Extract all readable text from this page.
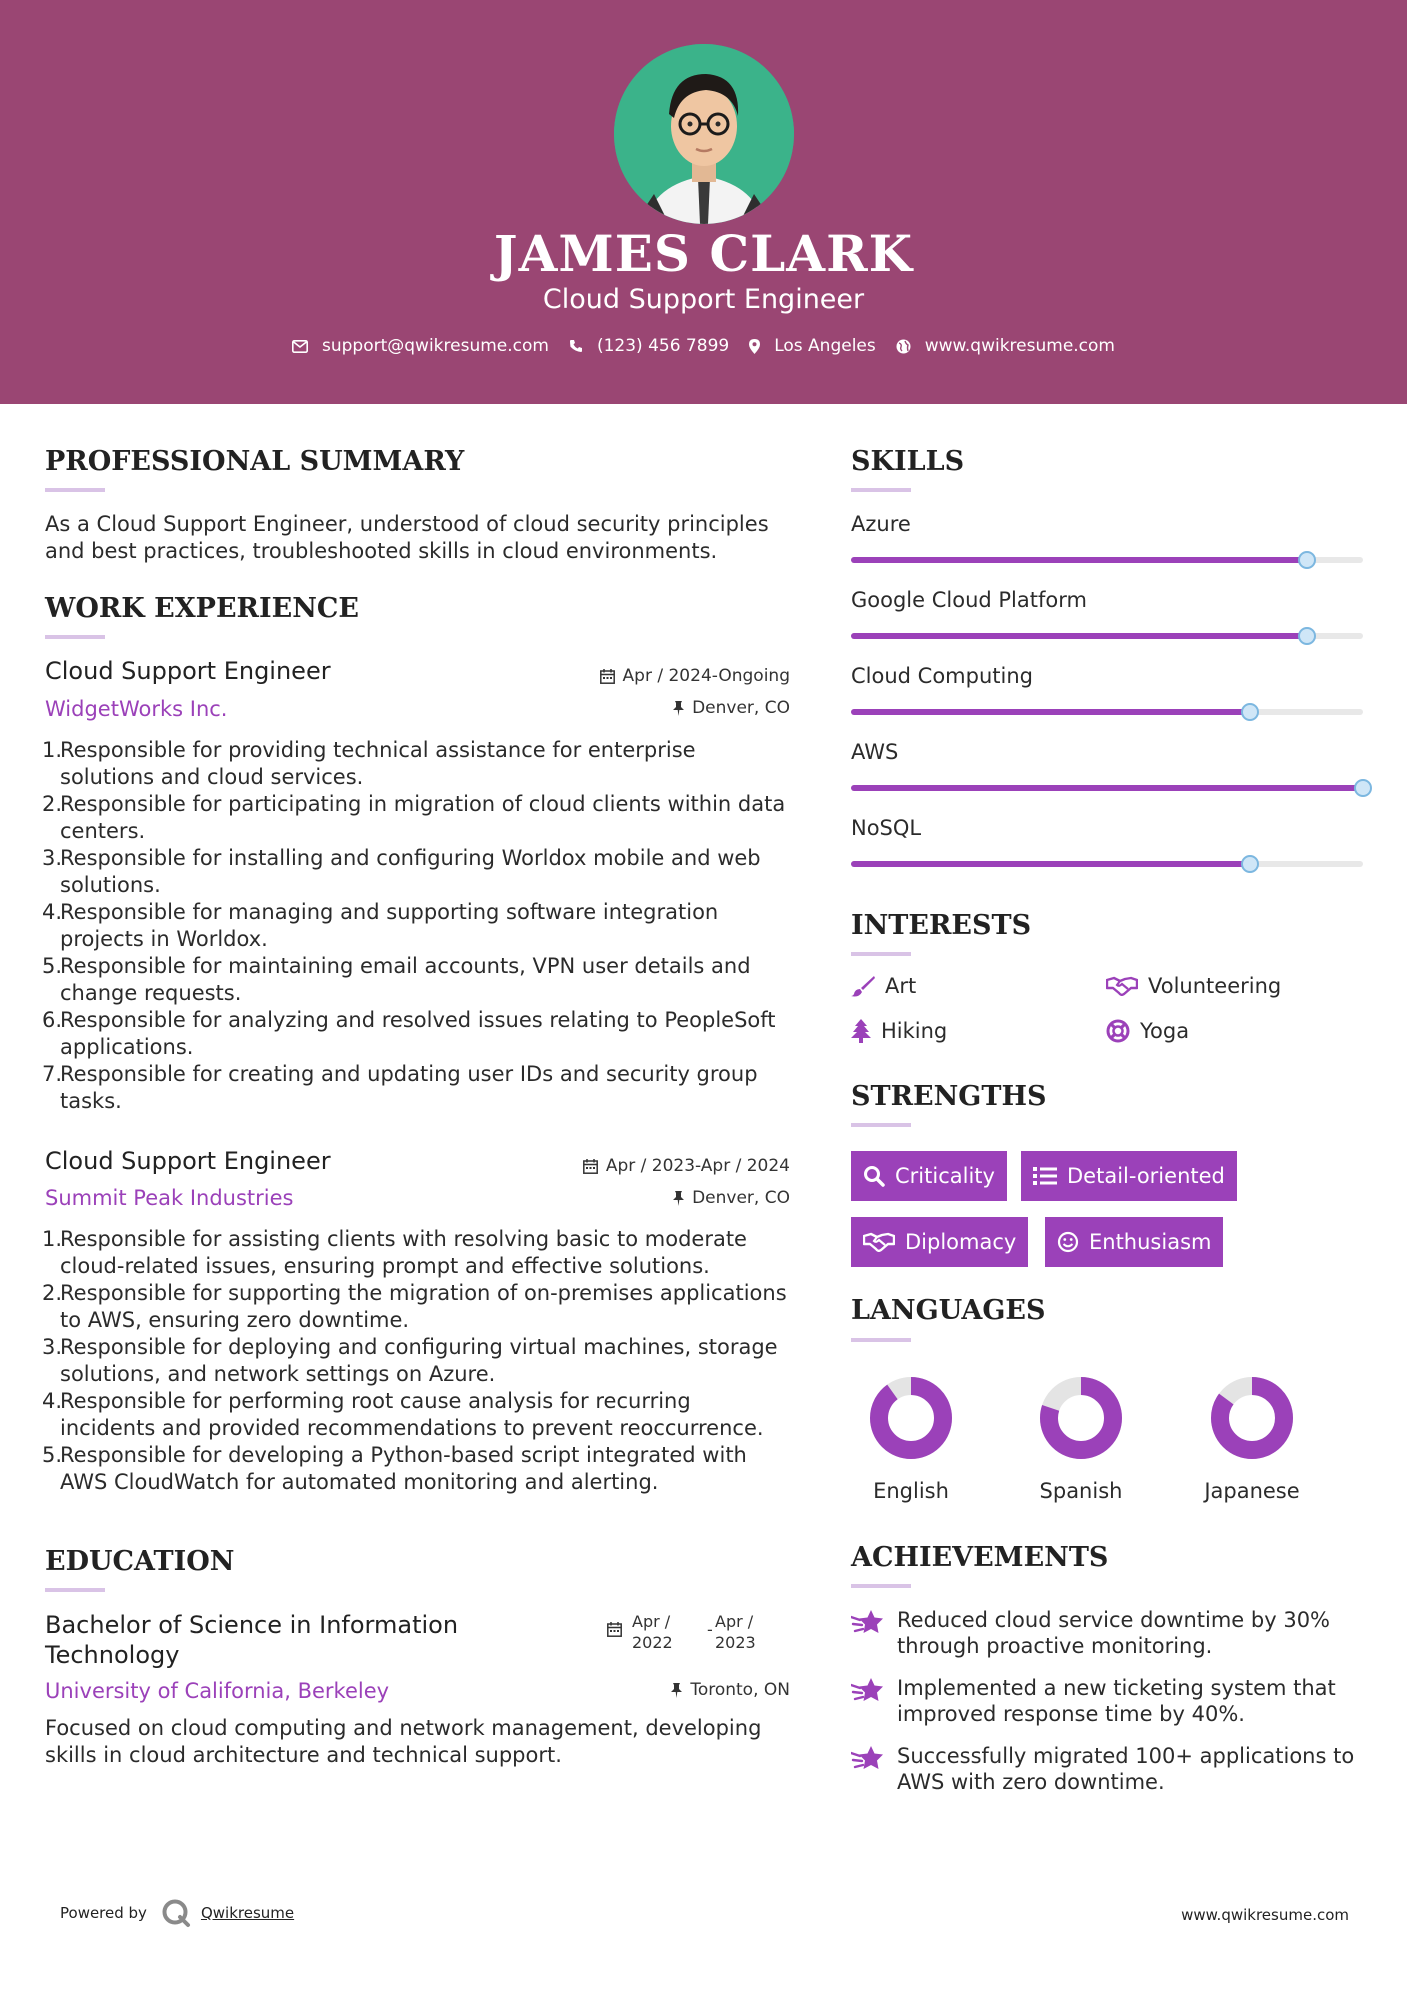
JAMES CLARK
Cloud Support Engineer
support@qwikresume.com	(123) 456 7899	Los Angeles	www.qwikresume.com
PROFESSIONAL SUMMARY
As a Cloud Support Engineer, understood of cloud security principles and best practices, troubleshooted skills in cloud environments.
WORK EXPERIENCE
Cloud Support Engineer	Apr / 2024-Ongoing
WidgetWorks Inc.	Denver, CO
1.
Responsible for providing technical assistance for enterprise solutions and cloud services.
2.
Responsible for participating in migration of cloud clients within data centers.
3.
Responsible for installing and configuring Worldox mobile and web solutions.
4.
Responsible for managing and supporting software integration projects in Worldox.
5.
Responsible for maintaining email accounts, VPN user details and change requests.
6.
Responsible for analyzing and resolved issues relating to PeopleSoft applications.
7.
Responsible for creating and updating user IDs and security group tasks.
Cloud Support Engineer	Apr / 2023-Apr / 2024
Summit Peak Industries	Denver, CO
1.
Responsible for assisting clients with resolving basic to moderate cloud-related issues, ensuring prompt and effective solutions.
2.
Responsible for supporting the migration of on-premises applications to AWS, ensuring zero downtime.
3.
Responsible for deploying and configuring virtual machines, storage solutions, and network settings on Azure.
4.
Responsible for performing root cause analysis for recurring incidents and provided recommendations to prevent reoccurrence.
5.
Responsible for developing a Python-based script integrated with AWS CloudWatch for automated monitoring and alerting.
EDUCATION
Bachelor of Science in Information Technology
Apr /
2022
- Apr /
2023
University of California, Berkeley	Toronto, ON
Focused on cloud computing and network management, developing skills in cloud architecture and technical support.
SKILLS
Azure
Google Cloud Platform
Cloud Computing
AWS
NoSQL
INTERESTS
Art	Volunteering
Hiking	Yoga
STRENGTHS
Criticality	Detail-oriented
Diplomacy	Enthusiasm
LANGUAGES
English	Spanish	Japanese
ACHIEVEMENTS
Reduced cloud service downtime by 30% through proactive monitoring.
Implemented a new ticketing system that improved response time by 40%.
Successfully migrated 100+ applications to AWS with zero downtime.
Powered by	Qwikresume	www.qwikresume.com
